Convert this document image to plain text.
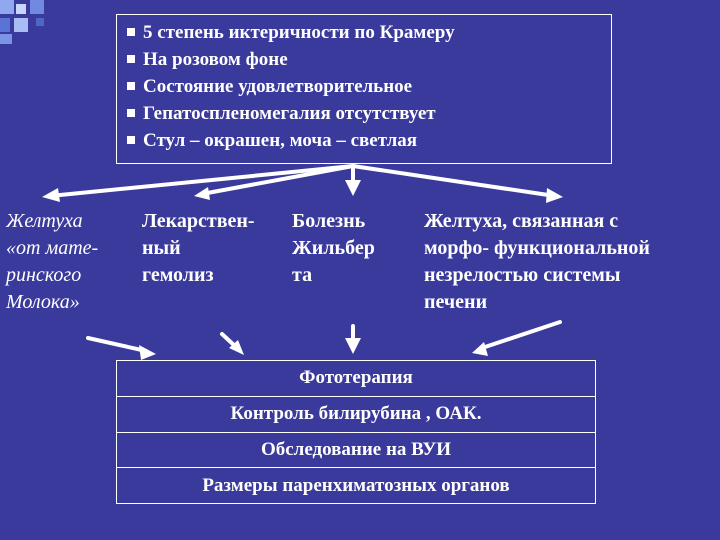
5 степень иктеричности по Крамеру
На розовом фоне
Состояние удовлетворительное
Гепатоспленомегалия отсутствует
Стул – окрашен, моча – светлая
Желтуха
«от мате-
ринского
Молока»
Лекарствен-
ный
гемолиз
Болезнь
Жильбер
та
Желтуха, связанная с
морфо- функциональной
незрелостью системы
печени
Фототерапия
Контроль билирубина , ОАК.
Обследование на ВУИ
Размеры паренхиматозных органов
